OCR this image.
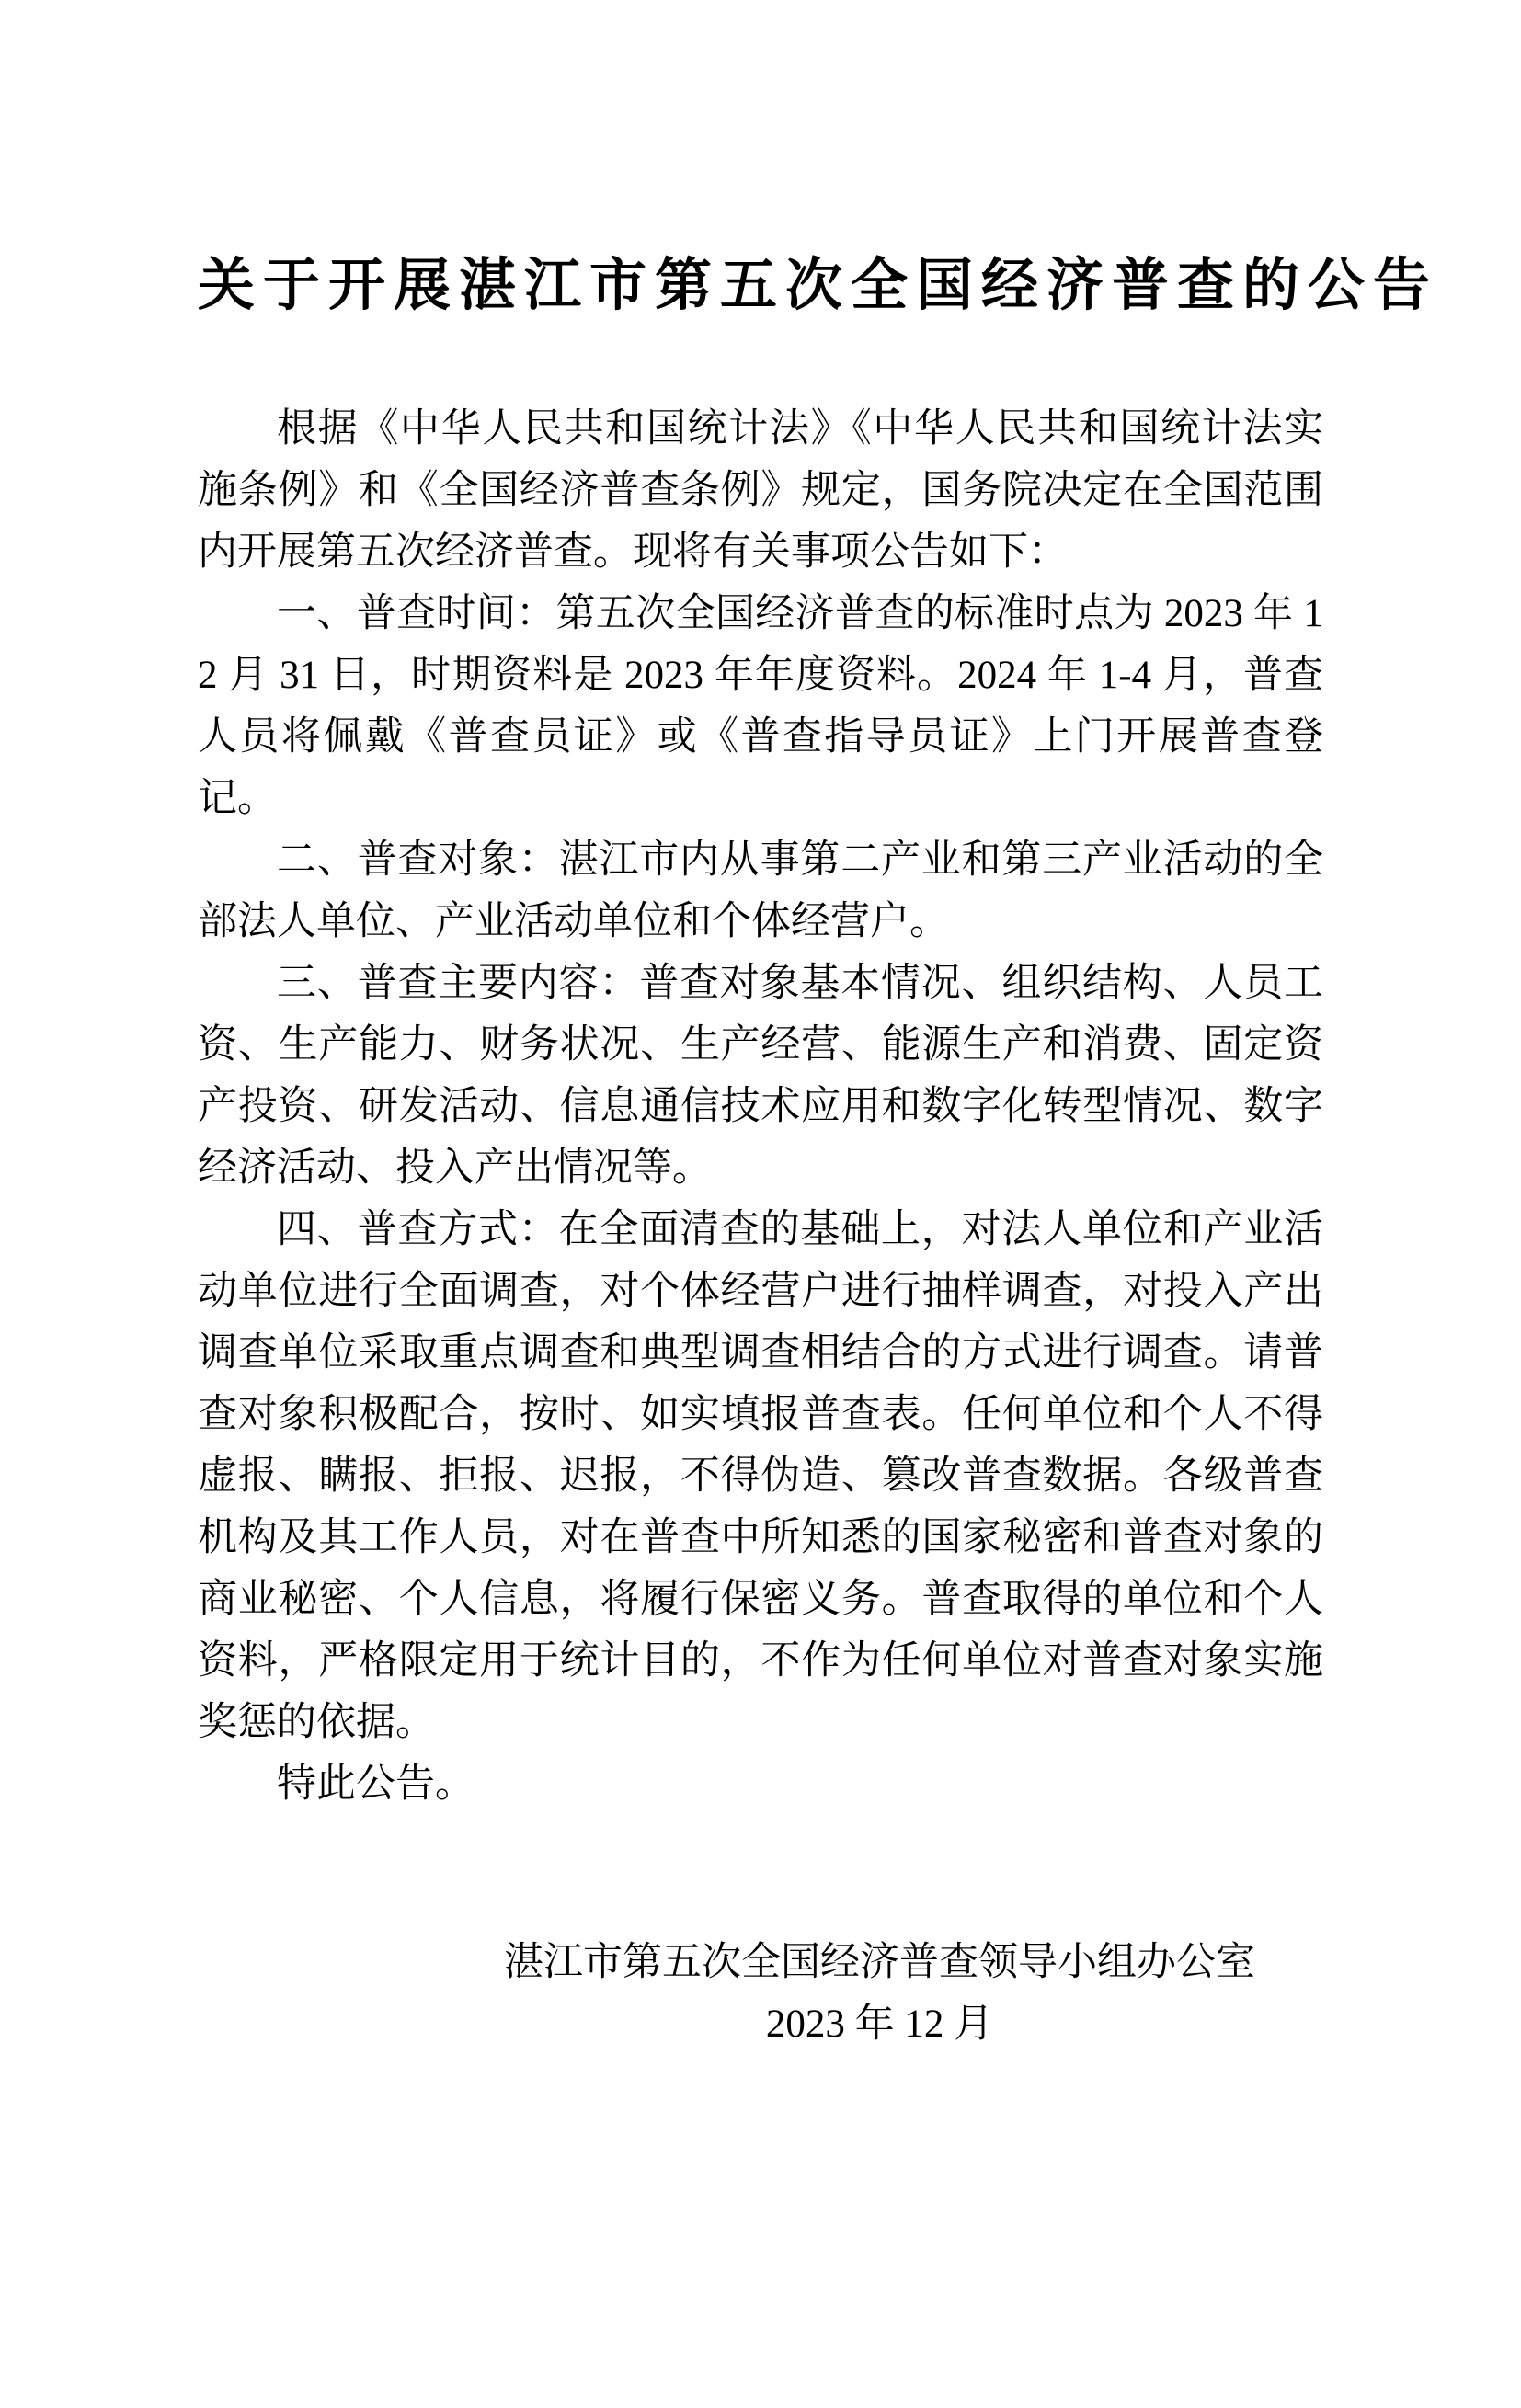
关于开展湛江市第五次全国经济普查的公告

根据《中华人民共和国统计法》《中华人民共和国统计法实施条例》和《全国经济普查条例》规定，国务院决定在全国范围内开展第五次经济普查。现将有关事项公告如下：

一、普查时间：第五次全国经济普查的标准时点为 2023 年 12 月 31 日，时期资料是 2023 年年度资料。2024 年 1-4 月，普查人员将佩戴《普查员证》或《普查指导员证》上门开展普查登记。

二、普查对象：湛江市内从事第二产业和第三产业活动的全部法人单位、产业活动单位和个体经营户。

三、普查主要内容：普查对象基本情况、组织结构、人员工资、生产能力、财务状况、生产经营、能源生产和消费、固定资产投资、研发活动、信息通信技术应用和数字化转型情况、数字经济活动、投入产出情况等。

四、普查方式：在全面清查的基础上，对法人单位和产业活动单位进行全面调查，对个体经营户进行抽样调查，对投入产出调查单位采取重点调查和典型调查相结合的方式进行调查。请普查对象积极配合，按时、如实填报普查表。任何单位和个人不得虚报、瞒报、拒报、迟报，不得伪造、篡改普查数据。各级普查机构及其工作人员，对在普查中所知悉的国家秘密和普查对象的商业秘密、个人信息，将履行保密义务。普查取得的单位和个人资料，严格限定用于统计目的，不作为任何单位对普查对象实施奖惩的依据。

特此公告。

湛江市第五次全国经济普查领导小组办公室
2023 年 12 月
